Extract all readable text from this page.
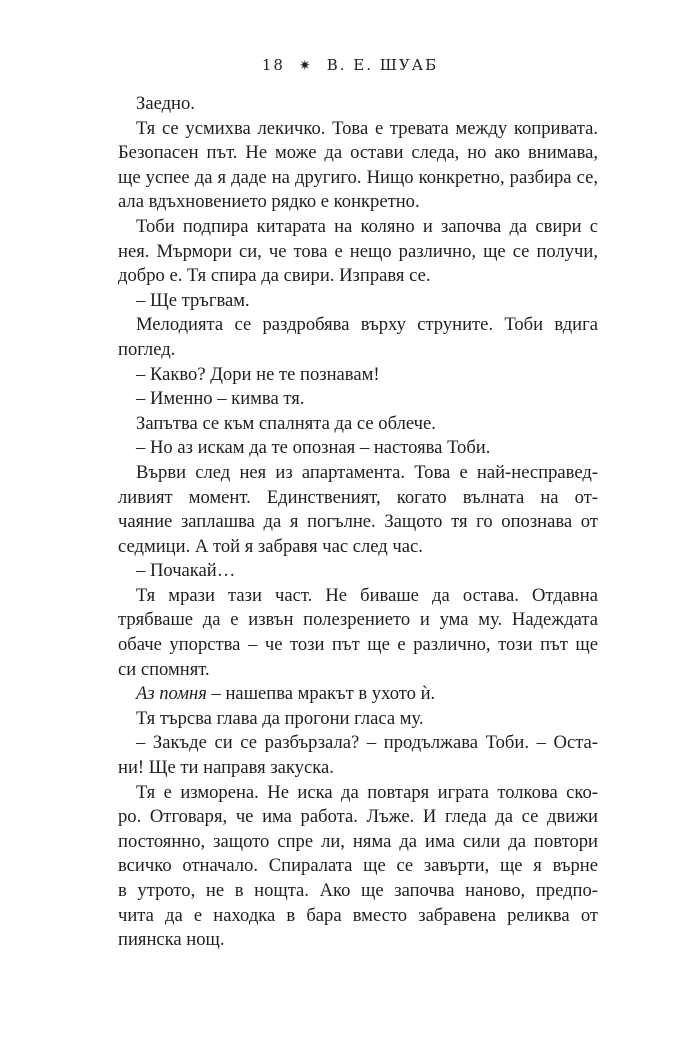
18 ✷ В. Е. ШУАБ
Заедно.
Тя се усмихва лекичко. Това е тревата между копривата.
Безопасен път. Не може да остави следа, но ако внимава,
ще успее да я даде на другиго. Нищо конкретно, разбира се,
ала вдъхновението рядко е конкретно.
Тоби подпира китарата на коляно и започва да свири с
нея. Мърмори си, че това е нещо различно, ще се получи,
добро е. Тя спира да свири. Изправя се.
– Ще тръгвам.
Мелодията се раздробява върху струните. Тоби вдига
поглед.
– Какво? Дори не те познавам!
– Именно – кимва тя.
Запътва се към спалнята да се облече.
– Но аз искам да те опозная – настоява Тоби.
Върви след нея из апартамента. Това е най-несправед-
ливият момент. Единственият, когато вълната на от-
чаяние заплашва да я погълне. Защото тя го опознава от
седмици. А той я забравя час след час.
– Почакай…
Тя мрази тази част. Не биваше да остава. Отдавна
трябваше да е извън полезрението и ума му. Надеждата
обаче упорства – че този път ще е различно, този път ще
си спомнят.
Аз помня – нашепва мракът в ухото ѝ.
Тя търсва глава да прогони гласа му.
– Закъде си се разбързала? – продължава Тоби. – Оста-
ни! Ще ти направя закуска.
Тя е изморена. Не иска да повтаря играта толкова ско-
ро. Отговаря, че има работа. Лъже. И гледа да се движи
постоянно, защото спре ли, няма да има сили да повтори
всичко отначало. Спиралата ще се завърти, ще я върне
в утрото, не в нощта. Ако ще започва наново, предпо-
чита да е находка в бара вместо забравена реликва от
пиянска нощ.
